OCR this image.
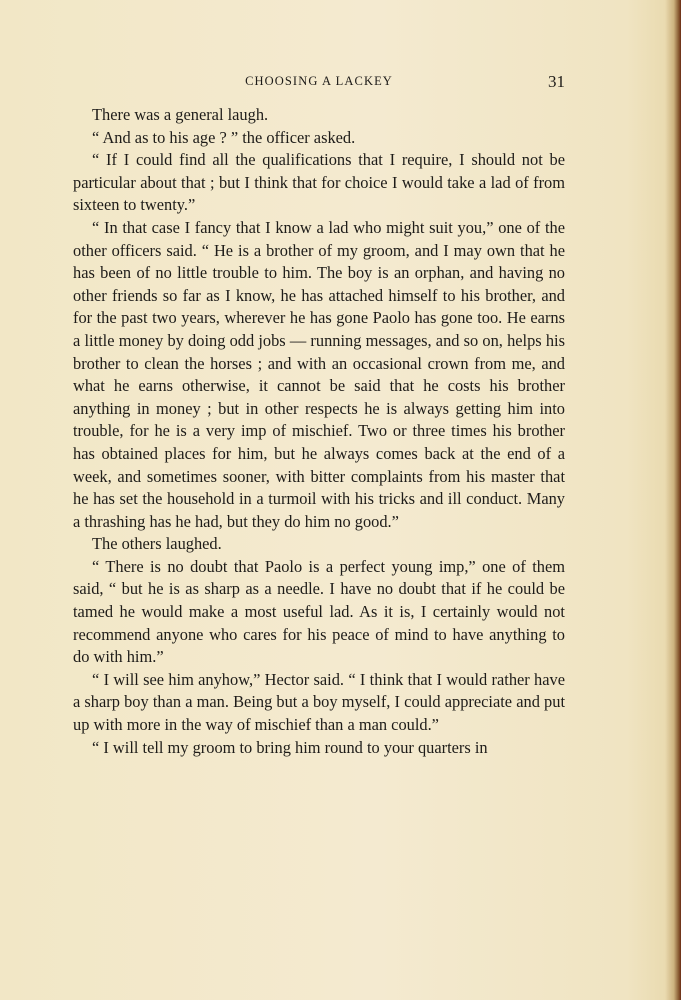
CHOOSING A LACKEY	31

There was a general laugh.

“ And as to his age ? ” the officer asked.

“ If I could find all the qualifications that I require, I should not be particular about that ; but I think that for choice I would take a lad of from sixteen to twenty.”

“ In that case I fancy that I know a lad who might suit you,” one of the other officers said. “ He is a brother of my groom, and I may own that he has been of no little trouble to him. The boy is an orphan, and having no other friends so far as I know, he has attached himself to his brother, and for the past two years, wherever he has gone Paolo has gone too. He earns a little money by doing odd jobs — running messages, and so on, helps his brother to clean the horses ; and with an occasional crown from me, and what he earns otherwise, it cannot be said that he costs his brother anything in money ; but in other respects he is always getting him into trouble, for he is a very imp of mischief. Two or three times his brother has obtained places for him, but he always comes back at the end of a week, and sometimes sooner, with bitter complaints from his master that he has set the household in a turmoil with his tricks and ill conduct. Many a thrashing has he had, but they do him no good.”

The others laughed.

“ There is no doubt that Paolo is a perfect young imp,” one of them said, “ but he is as sharp as a needle. I have no doubt that if he could be tamed he would make a most useful lad. As it is, I certainly would not recommend anyone who cares for his peace of mind to have anything to do with him.”

“ I will see him anyhow,” Hector said. “ I think that I would rather have a sharp boy than a man. Being but a boy myself, I could appreciate and put up with more in the way of mischief than a man could.”

“ I will tell my groom to bring him round to your quarters in
